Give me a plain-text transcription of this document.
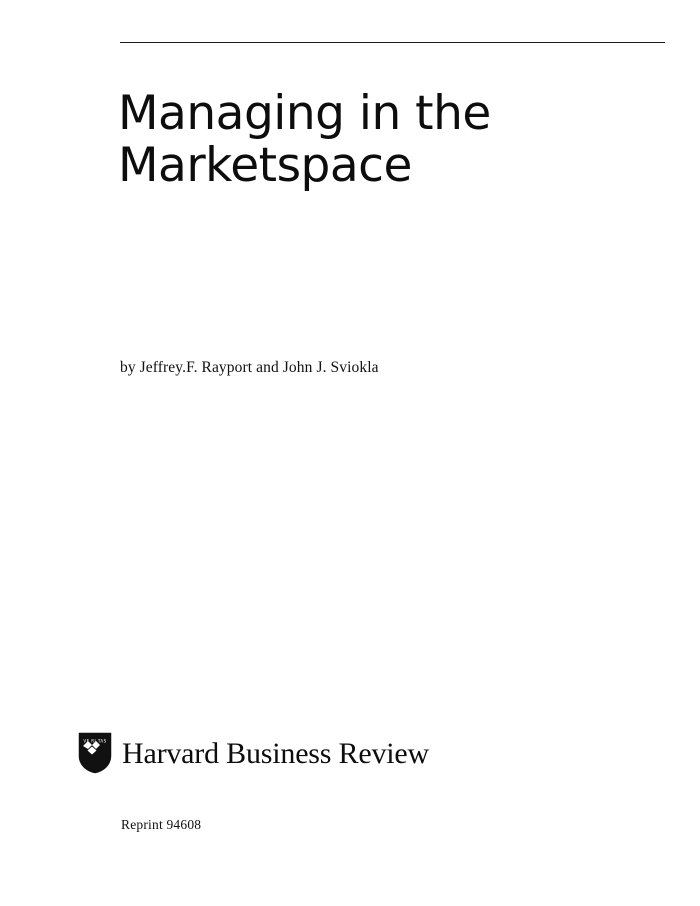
Managing in the
Marketspace
by Jeffrey.F. Rayport and John J. Sviokla
VE RI TAS Harvard Business Review
Reprint 94608
